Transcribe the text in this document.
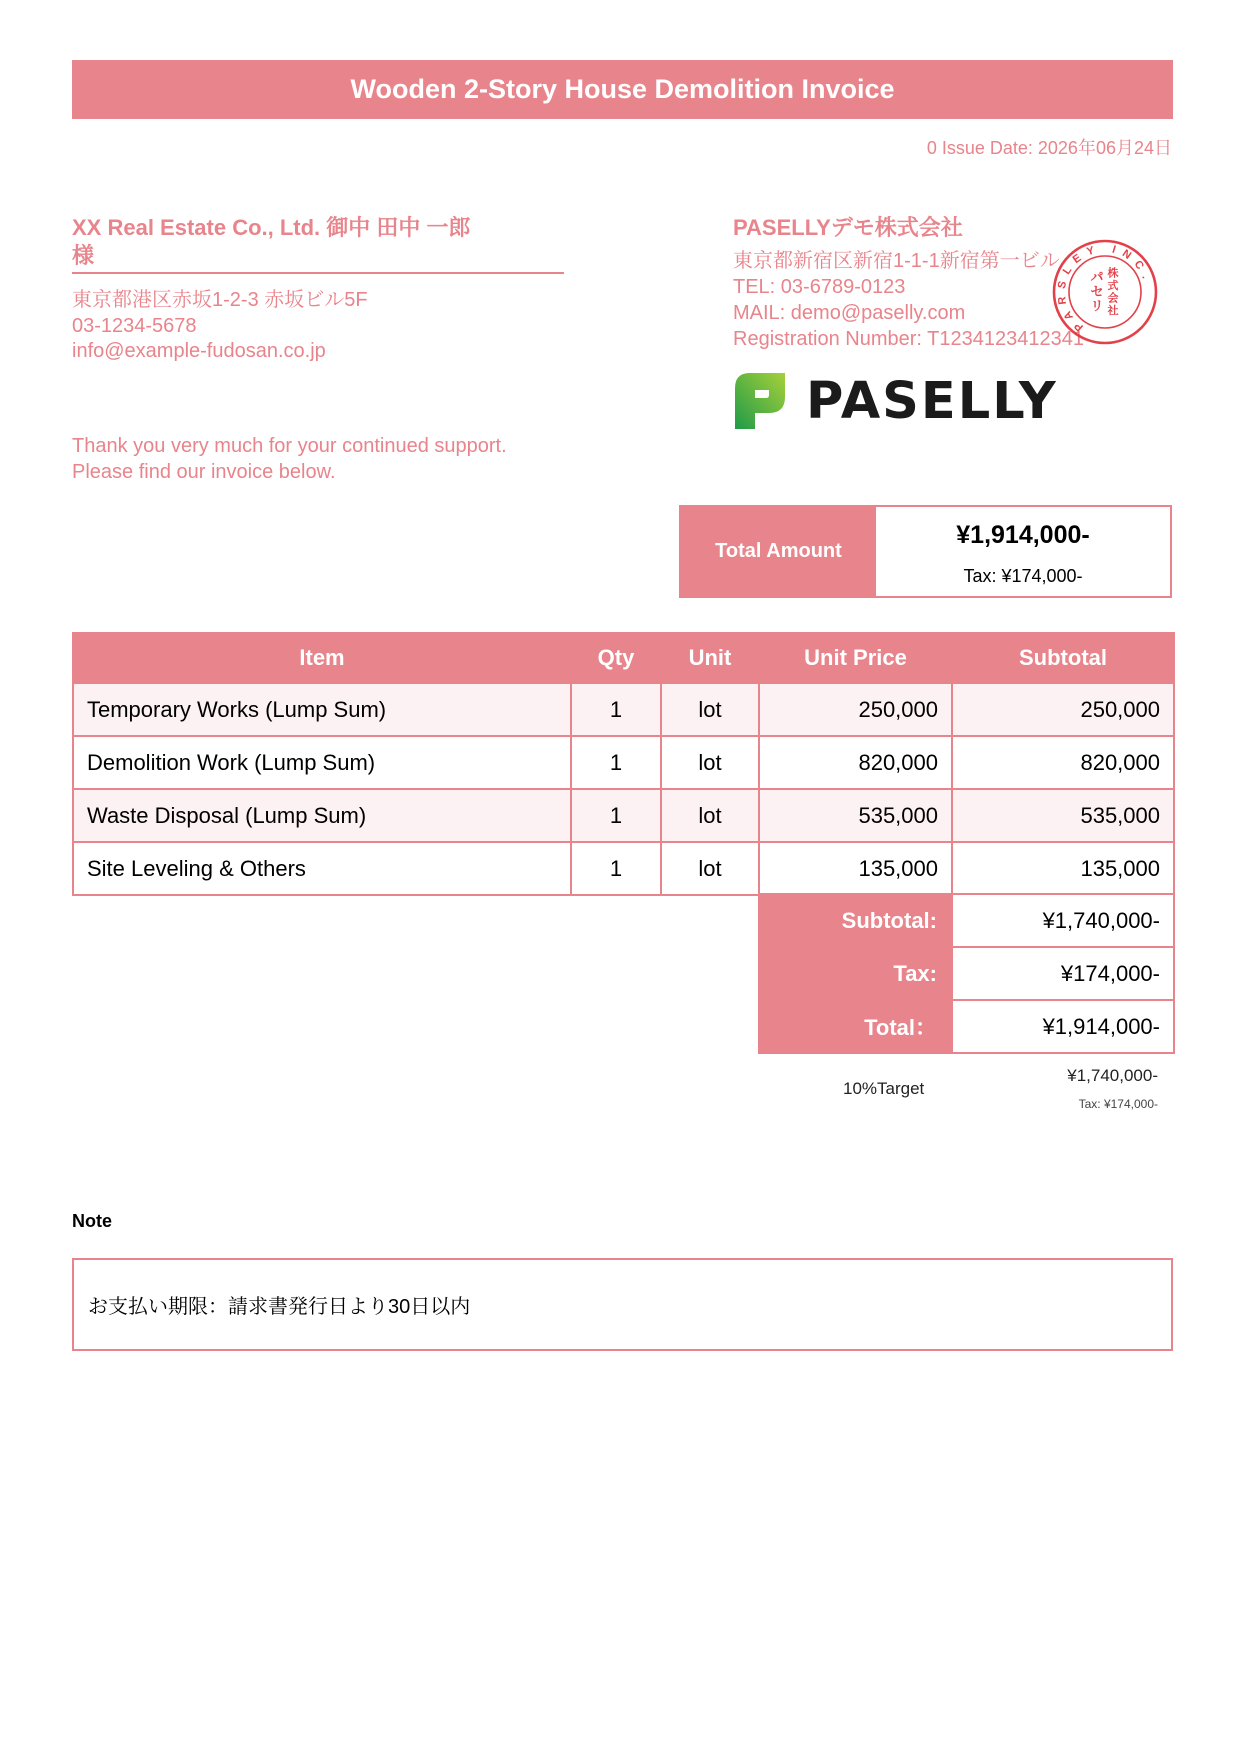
Wooden 2-Story House Demolition Invoice
0 Issue Date: 2026年06月24日
XX Real Estate Co., Ltd. 御中 田中 一郎
様
東京都港区赤坂1-2-3 赤坂ビル5F
03-1234-5678
info@example-fudosan.co.jp
Thank you very much for your continued support.
Please find our invoice below.
PASELLYデモ株式会社
東京都新宿区新宿1-1-1新宿第一ビル
TEL: 03-6789-0123
MAIL: demo@paselly.com
Registration Number: T1234123412341
PARSLEY INC.
株
式
会
社
パ
セ
リ
PASELLY
Total Amount
¥1,914,000-
Tax: ¥174,000-
Item	Qty	Unit	Unit Price	Subtotal
Temporary Works (Lump Sum)	1	lot	250,000	250,000
Demolition Work (Lump Sum)	1	lot	820,000	820,000
Waste Disposal (Lump Sum)	1	lot	535,000	535,000
Site Leveling & Others	1	lot	135,000	135,000
Subtotal:	¥1,740,000-
Tax:	¥174,000-
Total：	¥1,914,000-
10%Target
¥1,740,000-
Tax: ¥174,000-
Note
お支払い期限：請求書発行日より30日以内
